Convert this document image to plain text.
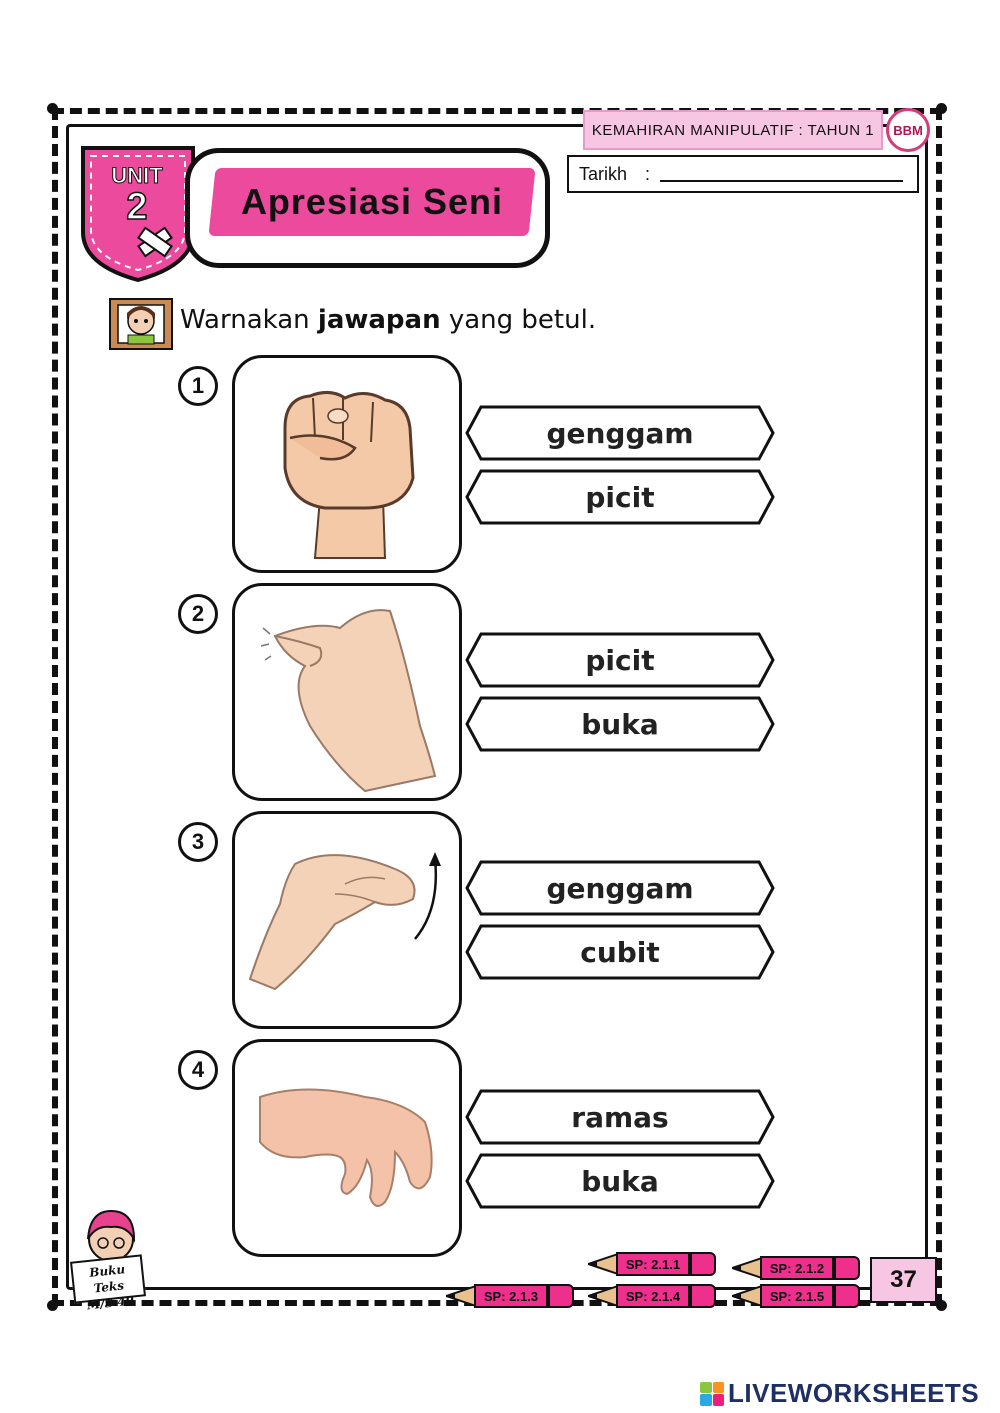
KEMAHIRAN MANIPULATIF : TAHUN 1 BBM
Tarikh :
UNIT
2	Apresiasi Seni
Warnakan jawapan yang betul.
1
genggam
picit
2
picit
buka
3
genggam
cubit
4
ramas
buka
Buku Teks
M/S 49
37
SP: 2.1.1	SP: 2.1.2
SP: 2.1.3	SP: 2.1.4	SP: 2.1.5
LIVEWORKSHEETS
